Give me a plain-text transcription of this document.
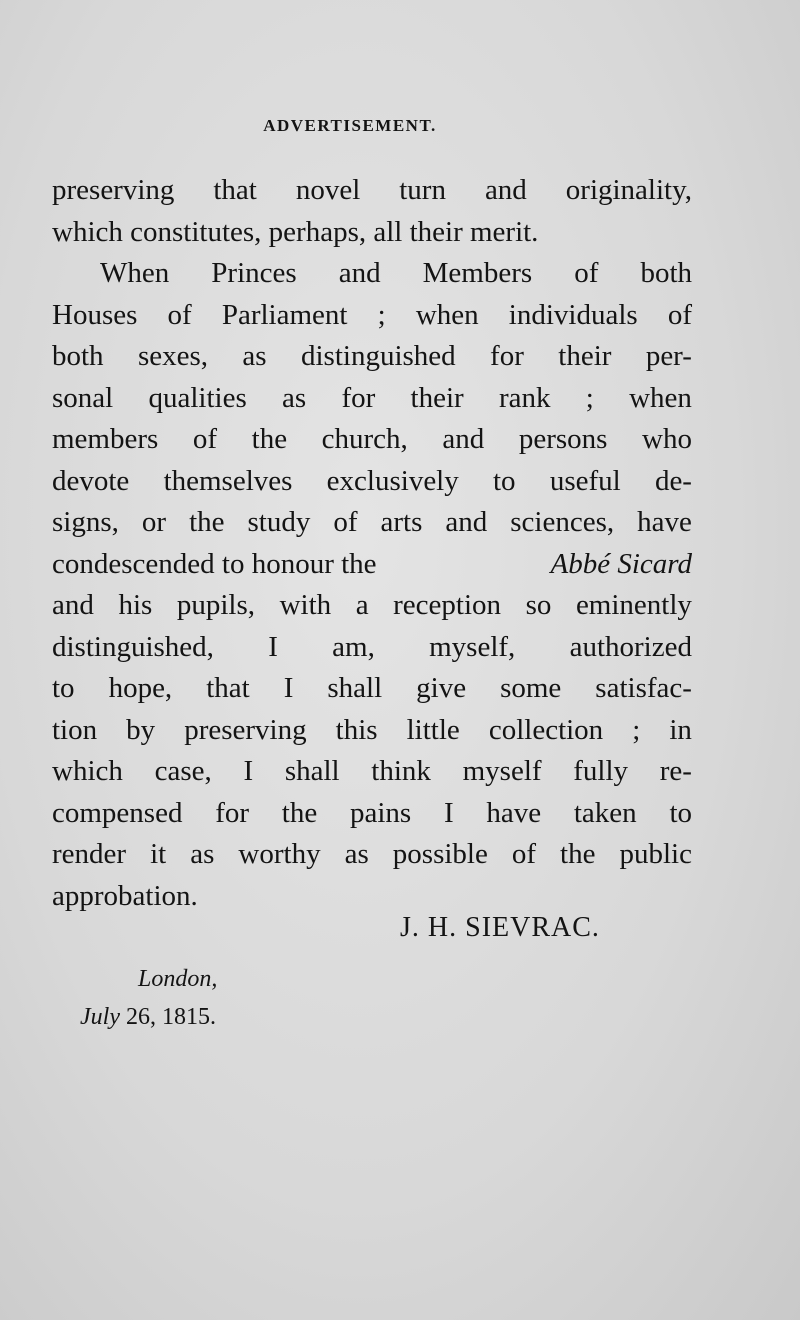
ADVERTISEMENT.
preserving that novel turn and originality,
which constitutes, perhaps, all their merit.
When Princes and Members of both
Houses of Parliament ; when individuals of
both sexes, as distinguished for their per-
sonal qualities as for their rank ; when
members of the church, and persons who
devote themselves exclusively to useful de-
signs, or the study of arts and sciences, have
condescended to honour the	Abbé Sicard
and his pupils, with a reception so eminently
distinguished, I am, myself, authorized
to hope, that I shall give some satisfac-
tion by preserving this little collection ; in
which case, I shall think myself fully re-
compensed for the pains I have taken to
render it as worthy as possible of the public
approbation.
J. H. SIEVRAC.
London,
July 26, 1815.
